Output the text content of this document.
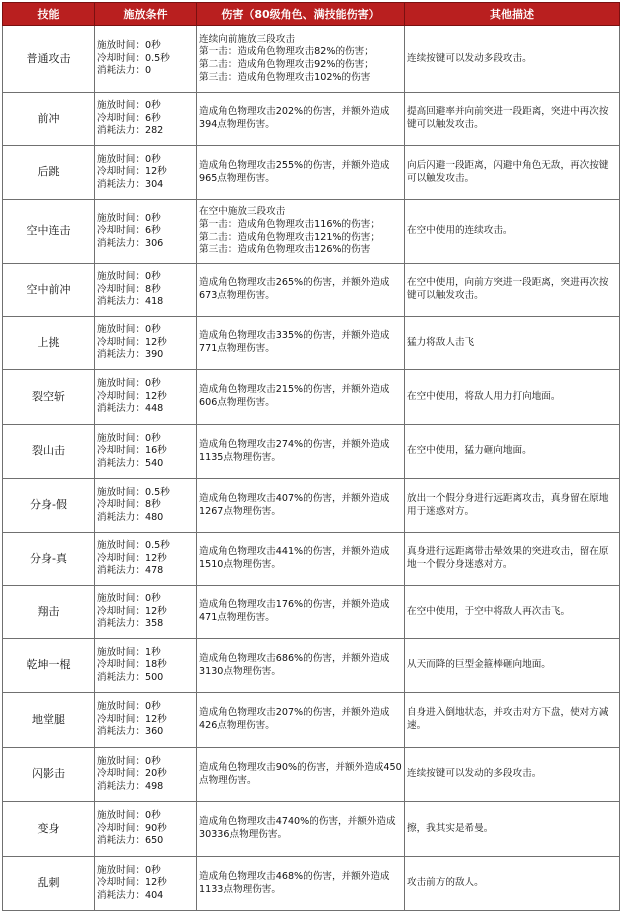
技能	施放条件	伤害（80级角色、满技能伤害）	其他描述
普通攻击	施放时间：0秒
冷却时间：0.5秒
消耗法力：0	连续向前施放三段攻击
第一击：造成角色物理攻击82%的伤害；
第二击：造成角色物理攻击92%的伤害；
第三击：造成角色物理攻击102%的伤害	连续按键可以发动多段攻击。
前冲	施放时间：0秒
冷却时间：6秒
消耗法力：282	造成角色物理攻击202%的伤害，并额外造成394点物理伤害。	提高回避率并向前突进一段距离，突进中再次按键可以触发攻击。
后跳	施放时间：0秒
冷却时间：12秒
消耗法力：304	造成角色物理攻击255%的伤害，并额外造成965点物理伤害。	向后闪避一段距离，闪避中角色无敌，再次按键可以触发攻击。
空中连击	施放时间：0秒
冷却时间：6秒
消耗法力：306	在空中施放三段攻击
第一击：造成角色物理攻击116%的伤害；
第二击：造成角色物理攻击121%的伤害；
第三击：造成角色物理攻击126%的伤害	在空中使用的连续攻击。
空中前冲	施放时间：0秒
冷却时间：8秒
消耗法力：418	造成角色物理攻击265%的伤害，并额外造成673点物理伤害。	在空中使用，向前方突进一段距离，突进再次按键可以触发攻击。
上挑	施放时间：0秒
冷却时间：12秒
消耗法力：390	造成角色物理攻击335%的伤害，并额外造成771点物理伤害。	猛力将敌人击飞
裂空斩	施放时间：0秒
冷却时间：12秒
消耗法力：448	造成角色物理攻击215%的伤害，并额外造成606点物理伤害。	在空中使用，将敌人用力打向地面。
裂山击	施放时间：0秒
冷却时间：16秒
消耗法力：540	造成角色物理攻击274%的伤害，并额外造成1135点物理伤害。	在空中使用，猛力砸向地面。
分身-假	施放时间：0.5秒
冷却时间：8秒
消耗法力：480	造成角色物理攻击407%的伤害，并额外造成1267点物理伤害。	放出一个假分身进行远距离攻击，真身留在原地用于迷惑对方。
分身-真	施放时间：0.5秒
冷却时间：12秒
消耗法力：478	造成角色物理攻击441%的伤害，并额外造成1510点物理伤害。	真身进行远距离带击晕效果的突进攻击，留在原地一个假分身迷惑对方。
翔击	施放时间：0秒
冷却时间：12秒
消耗法力：358	造成角色物理攻击176%的伤害，并额外造成471点物理伤害。	在空中使用，于空中将敌人再次击飞。
乾坤一棍	施放时间：1秒
冷却时间：18秒
消耗法力：500	造成角色物理攻击686%的伤害，并额外造成3130点物理伤害。	从天而降的巨型金箍棒砸向地面。
地堂腿	施放时间：0秒
冷却时间：12秒
消耗法力：360	造成角色物理攻击207%的伤害，并额外造成426点物理伤害。	自身进入倒地状态，并攻击对方下盘，使对方减速。
闪影击	施放时间：0秒
冷却时间：20秒
消耗法力：498	造成角色物理攻击90%的伤害，并额外造成450点物理伤害。	连续按键可以发动的多段攻击。
变身	施放时间：0秒
冷却时间：90秒
消耗法力：650	造成角色物理攻击4740%的伤害，并额外造成30336点物理伤害。	擦，我其实是希曼。
乱刺	施放时间：0秒
冷却时间：12秒
消耗法力：404	造成角色物理攻击468%的伤害，并额外造成1133点物理伤害。	攻击前方的敌人。
